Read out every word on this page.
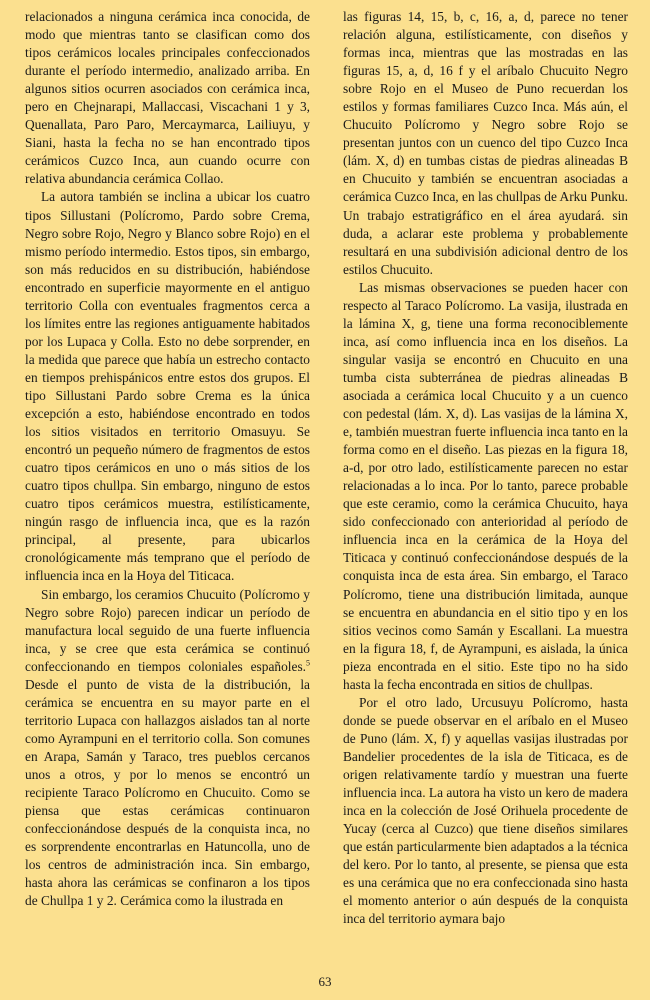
relacionados a ninguna cerámica inca conocida, de modo que mientras tanto se clasifican como dos tipos cerámicos locales principales confeccionados durante el período intermedio, analizado arriba. En algunos sitios ocurren asociados con cerámica inca, pero en Chejnarapi, Mallaccasi, Viscachani 1 y 3, Quenallata, Paro Paro, Mercaymarca, Lailiuyu, y Siani, hasta la fecha no se han encontrado tipos cerámicos Cuzco Inca, aun cuando ocurre con relativa abundancia cerámica Collao.

La autora también se inclina a ubicar los cuatro tipos Sillustani (Polícromo, Pardo sobre Crema, Negro sobre Rojo, Negro y Blanco sobre Rojo) en el mismo período intermedio. Estos tipos, sin embargo, son más reducidos en su distribución, habiéndose encontrado en superficie mayormente en el antiguo territorio Colla con eventuales fragmentos cerca a los límites entre las regiones antiguamente habitados por los Lupaca y Colla. Esto no debe sorprender, en la medida que parece que había un estrecho contacto en tiempos prehispánicos entre estos dos grupos. El tipo Sillustani Pardo sobre Crema es la única excepción a esto, habiéndose encontrado en todos los sitios visitados en territorio Omasuyu. Se encontró un pequeño número de fragmentos de estos cuatro tipos cerámicos en uno o más sitios de los cuatro tipos chullpa. Sin embargo, ninguno de estos cuatro tipos cerámicos muestra, estilísticamente, ningún rasgo de influencia inca, que es la razón principal, al presente, para ubicarlos cronológicamente más temprano que el período de influencia inca en la Hoya del Titicaca.

Sin embargo, los ceramios Chucuito (Polícromo y Negro sobre Rojo) parecen indicar un período de manufactura local seguido de una fuerte influencia inca, y se cree que esta cerámica se continuó confeccionando en tiempos coloniales españoles.$^5$ Desde el punto de vista de la distribución, la cerámica se encuentra en su mayor parte en el territorio Lupaca con hallazgos aislados tan al norte como Ayrampuni en el territorio colla. Son comunes en Arapa, Samán y Taraco, tres pueblos cercanos unos a otros, y por lo menos se encontró un recipiente Taraco Polícromo en Chucuito. Como se piensa que estas cerámicas continuaron confeccionándose después de la conquista inca, no es sorprendente encontrarlas en Hatuncolla, uno de los centros de administración inca. Sin embargo, hasta ahora las cerámicas se confinaron a los tipos de Chullpa 1 y 2. Cerámica como la ilustrada en

las figuras 14, 15, b, c, 16, a, d, parece no tener relación alguna, estilísticamente, con diseños y formas inca, mientras que las mostradas en las figuras 15, a, d, 16 f y el aríbalo Chucuito Negro sobre Rojo en el Museo de Puno recuerdan los estilos y formas familiares Cuzco Inca. Más aún, el Chucuito Polícromo y Negro sobre Rojo se presentan juntos con un cuenco del tipo Cuzco Inca (lám. X, d) en tumbas cistas de piedras alineadas B en Chucuito y también se encuentran asociadas a cerámica Cuzco Inca, en las chullpas de Arku Punku. Un trabajo estratigráfico en el área ayudará. sin duda, a aclarar este problema y probablemente resultará en una subdivisión adicional dentro de los estilos Chucuito.

Las mismas observaciones se pueden hacer con respecto al Taraco Polícromo. La vasija, ilustrada en la lámina X, g, tiene una forma reconociblemente inca, así como influencia inca en los diseños. La singular vasija se encontró en Chucuito en una tumba cista subterránea de piedras alineadas B asociada a cerámica local Chucuito y a un cuenco con pedestal (lám. X, d). Las vasijas de la lámina X, e, también muestran fuerte influencia inca tanto en la forma como en el diseño. Las piezas en la figura 18, a-d, por otro lado, estilísticamente parecen no estar relacionadas a lo inca. Por lo tanto, parece probable que este ceramio, como la cerámica Chucuito, haya sido confeccionado con anterioridad al período de influencia inca en la cerámica de la Hoya del Titicaca y continuó confeccionándose después de la conquista inca de esta área. Sin embargo, el Taraco Polícromo, tiene una distribución limitada, aunque se encuentra en abundancia en el sitio tipo y en los sitios vecinos como Samán y Escallani. La muestra en la figura 18, f, de Ayrampuni, es aislada, la única pieza encontrada en el sitio. Este tipo no ha sido hasta la fecha encontrada en sitios de chullpas.

Por el otro lado, Urcusuyu Polícromo, hasta donde se puede observar en el aríbalo en el Museo de Puno (lám. X, f) y aquellas vasijas ilustradas por Bandelier procedentes de la isla de Titicaca, es de origen relativamente tardío y muestran una fuerte influencia inca. La autora ha visto un kero de madera inca en la colección de José Orihuela procedente de Yucay (cerca al Cuzco) que tiene diseños similares que están particularmente bien adaptados a la técnica del kero. Por lo tanto, al presente, se piensa que esta es una cerámica que no era confeccionada sino hasta el momento anterior o aún después de la conquista inca del territorio aymara bajo

63
